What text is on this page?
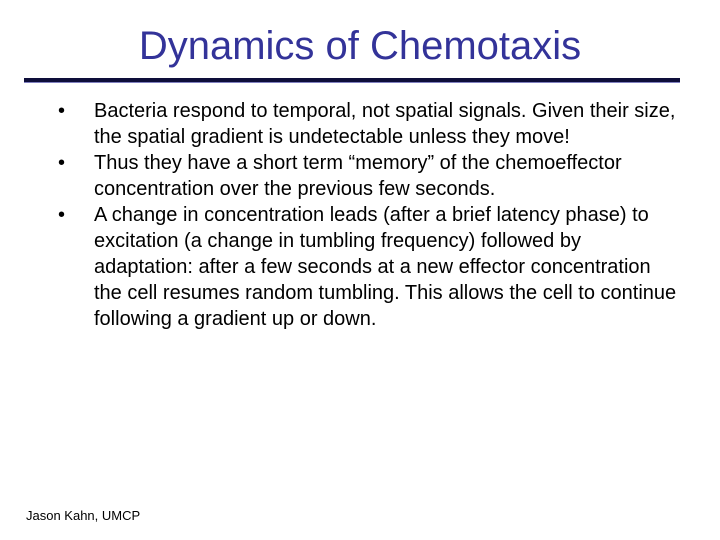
Dynamics of Chemotaxis
• Bacteria respond to temporal, not spatial signals. Given their size, the spatial gradient is undetectable unless they move!
• Thus they have a short term “memory” of the chemoeffector concentration over the previous few seconds.
• A change in concentration leads (after a brief latency phase) to excitation (a change in tumbling frequency) followed by adaptation: after a few seconds at a new effector concentration the cell resumes random tumbling. This allows the cell to continue following a gradient up or down.
Jason Kahn, UMCP
